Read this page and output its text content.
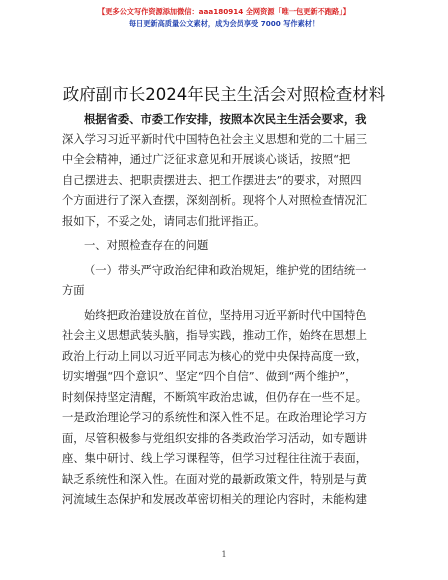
【更多公文写作资源添加微信：aaa180914 全网资源「唯一包更新不跑路」】
每日更新高质量公文素材，成为会员享受 7000 写作素材！
政府副市长2024年民主生活会对照检查材料
根据省委、市委工作安排，按照本次民主生活会要求，我
深入学习习近平新时代中国特色社会主义思想和党的二十届三
中全会精神，通过广泛征求意见和开展谈心谈话，按照“把
自己摆进去、把职责摆进去、把工作摆进去”的要求，对照四
个方面进行了深入查摆，深刻剖析。现将个人对照检查情况汇
报如下，不妥之处，请同志们批评指正。
一、对照检查存在的问题
（一）带头严守政治纪律和政治规矩，维护党的团结统一
方面
始终把政治建设放在首位，坚持用习近平新时代中国特色
社会主义思想武装头脑，指导实践，推动工作，始终在思想上
政治上行动上同以习近平同志为核心的党中央保持高度一致，
切实增强“四个意识”、坚定“四个自信”、做到“两个维护”，
时刻保持坚定清醒，不断筑牢政治忠诚，但仍存在一些不足。
一是政治理论学习的系统性和深入性不足。在政治理论学习方
面，尽管积极参与党组织安排的各类政治学习活动，如专题讲
座、集中研讨、线上学习课程等，但学习过程往往流于表面，
缺乏系统性和深入性。在面对党的最新政策文件，特别是与黄
河流域生态保护和发展改革密切相关的理论内容时，未能构建
1
